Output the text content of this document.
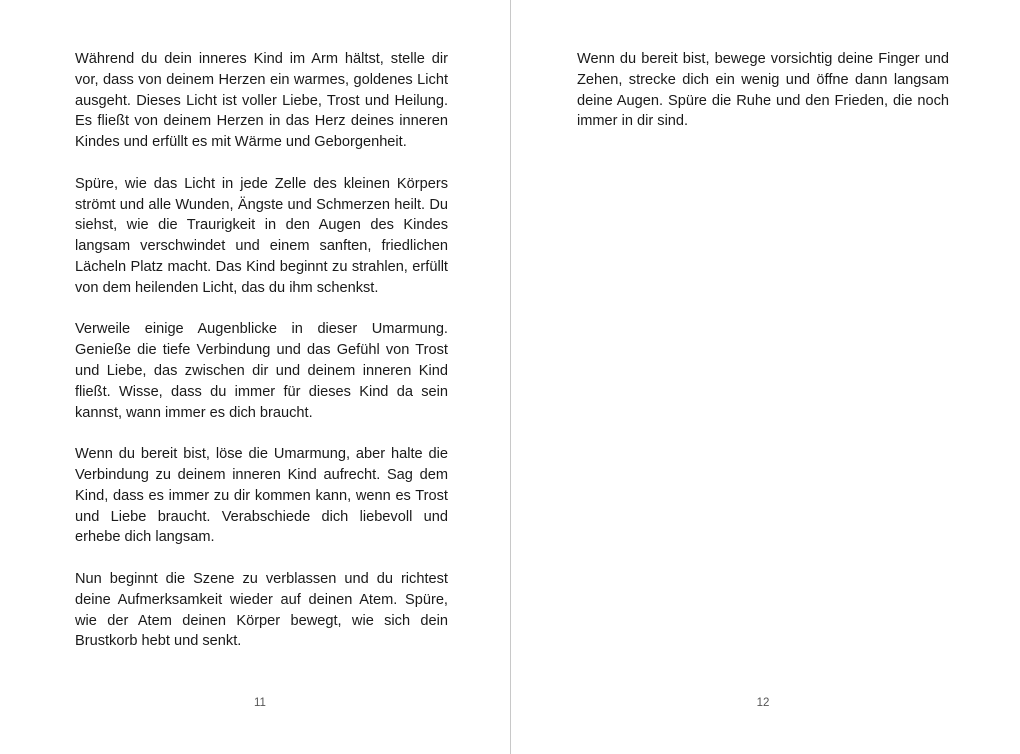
Während du dein inneres Kind im Arm hältst, stelle dir vor, dass von deinem Herzen ein warmes, goldenes Licht ausgeht. Dieses Licht ist voller Liebe, Trost und Heilung. Es fließt von deinem Herzen in das Herz deines inneren Kindes und erfüllt es mit Wärme und Geborgenheit.

Spüre, wie das Licht in jede Zelle des kleinen Körpers strömt und alle Wunden, Ängste und Schmerzen heilt. Du siehst, wie die Traurigkeit in den Augen des Kindes langsam verschwindet und einem sanften, friedlichen Lächeln Platz macht. Das Kind beginnt zu strahlen, erfüllt von dem heilenden Licht, das du ihm schenkst.

Verweile einige Augenblicke in dieser Umarmung. Genieße die tiefe Verbindung und das Gefühl von Trost und Liebe, das zwischen dir und deinem inneren Kind fließt. Wisse, dass du immer für dieses Kind da sein kannst, wann immer es dich braucht.

Wenn du bereit bist, löse die Umarmung, aber halte die Verbindung zu deinem inneren Kind aufrecht. Sag dem Kind, dass es immer zu dir kommen kann, wenn es Trost und Liebe braucht. Verabschiede dich liebevoll und erhebe dich langsam.

Nun beginnt die Szene zu verblassen und du richtest deine Aufmerksamkeit wieder auf deinen Atem. Spüre, wie der Atem deinen Körper bewegt, wie sich dein Brustkorb hebt und senkt.

11

Wenn du bereit bist, bewege vorsichtig deine Finger und Zehen, strecke dich ein wenig und öffne dann langsam deine Augen. Spüre die Ruhe und den Frieden, die noch immer in dir sind.

12
